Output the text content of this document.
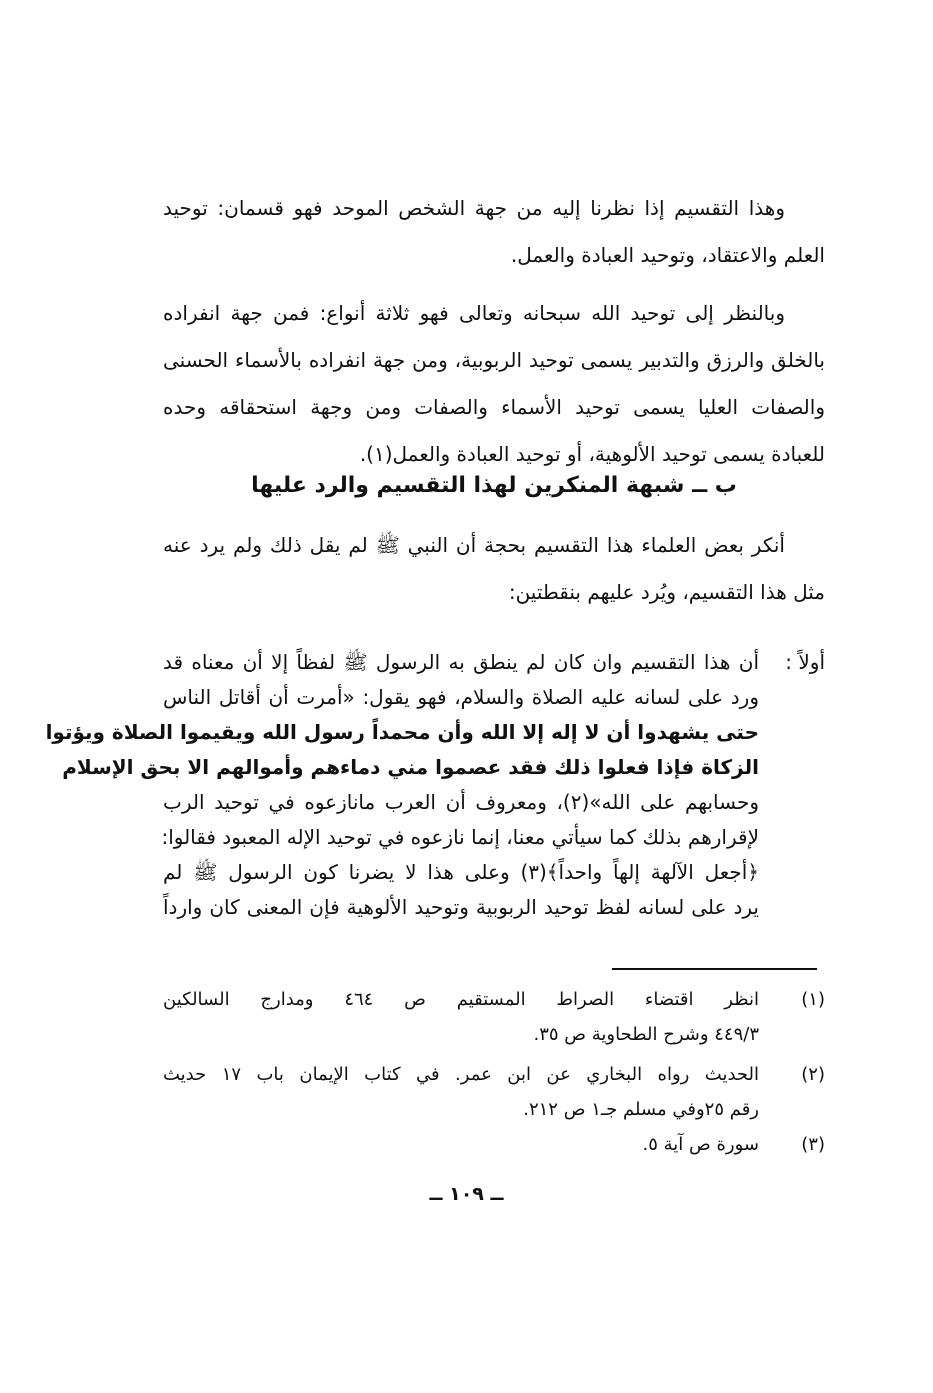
وهذا التقسيم إذا نظرنا إليه من جهة الشخص الموحد فهو قسمان: توحيد
العلم والاعتقاد، وتوحيد العبادة والعمل.
وبالنظر إلى توحيد الله سبحانه وتعالى فهو ثلاثة أنواع: فمن جهة انفراده
بالخلق والرزق والتدبير يسمى توحيد الربوبية، ومن جهة انفراده بالأسماء الحسنى
والصفات العليا يسمى توحيد الأسماء والصفات ومن وجهة استحقاقه وحده
للعبادة يسمى توحيد الألوهية، أو توحيد العبادة والعمل(١).
ب ــ شبهة المنكرين لهذا التقسيم والرد عليها
أنكر بعض العلماء هذا التقسيم بحجة أن النبي ﷺ لم يقل ذلك ولم يرد عنه
مثل هذا التقسيم، ويُرد عليهم بنقطتين:
أولاً :
أن هذا التقسيم وان كان لم ينطق به الرسول ﷺ لفظاً إلا أن معناه قد
ورد على لسانه عليه الصلاة والسلام، فهو يقول: «أمرت أن أقاتل الناس
حتى يشهدوا أن لا إله إلا الله وأن محمداً رسول الله ويقيموا الصلاة ويؤتوا
الزكاة فإذا فعلوا ذلك فقد عصموا مني دماءهم وأموالهم الا بحق الإسلام
وحسابهم على الله»(٢)، ومعروف أن العرب مانازعوه في توحيد الرب
لإقرارهم بذلك كما سيأتي معنا، إنما نازعوه في توحيد الإله المعبود فقالوا:
﴿أجعل الآلهة إلهاً واحداً﴾(٣) وعلى هذا لا يضرنا كون الرسول ﷺ لم
يرد على لسانه لفظ توحيد الربوبية وتوحيد الألوهية فإن المعنى كان وارداً
(١)
انظر اقتضاء الصراط المستقيم ص ٤٦٤ ومدارج السالكين
٤٤٩/٣ وشرح الطحاوية ص ٣٥.
(٢)
الحديث رواه البخاري عن ابن عمر. في كتاب الإيمان باب ١٧ حديث
رقم ٢٥وفي مسلم جـ١ ص ٢١٢.
(٣)
سورة ص آية ٥.
ــ ١٠٩ ــ
